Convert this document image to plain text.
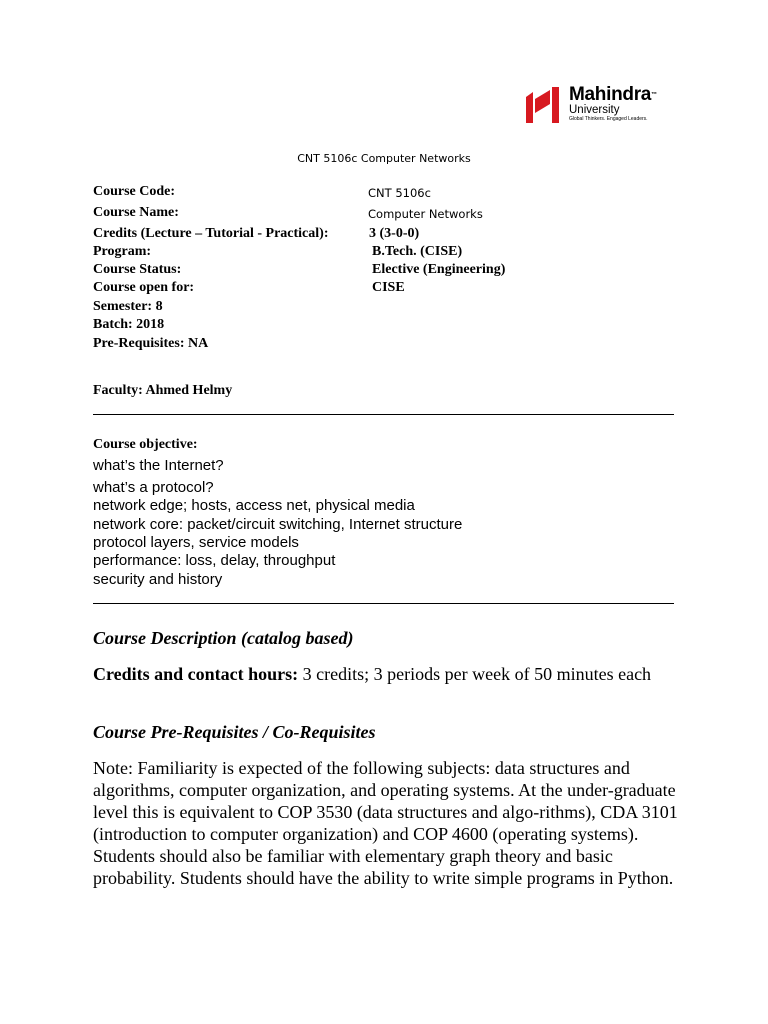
Mahindra™
University
Global Thinkers. Engaged Leaders.
CNT 5106c Computer Networks
Course Code:	CNT 5106c
Course Name:	Computer Networks
Credits (Lecture – Tutorial - Practical):	3 (3-0-0)
Program:	B.Tech. (CISE)
Course Status:	Elective (Engineering)
Course open for:	CISE
Semester: 8
Batch: 2018
Pre-Requisites: NA
Faculty: Ahmed Helmy
Course objective:
what’s the Internet?
what’s a protocol?
network edge; hosts, access net, physical media
network core: packet/circuit switching, Internet structure
protocol layers, service models
performance: loss, delay, throughput
security and history
Course Description (catalog based)
Credits and contact hours: 3 credits; 3 periods per week of 50 minutes each
Course Pre-Requisites / Co-Requisites
Note: Familiarity is expected of the following subjects: data structures and algorithms, computer organization, and operating systems. At the under-graduate level this is equivalent to COP 3530 (data structures and algo-rithms), CDA 3101 (introduction to computer organization) and COP 4600 (operating systems). Students should also be familiar with elementary graph theory and basic probability. Students should have the ability to write simple programs in Python.
